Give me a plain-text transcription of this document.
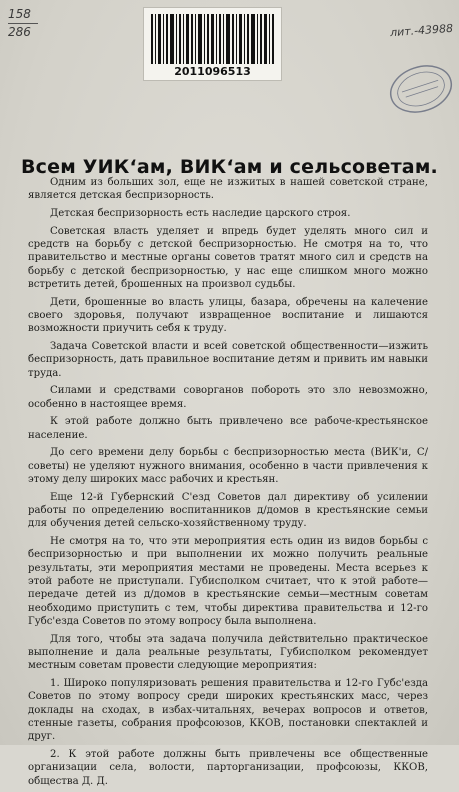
158
286	лит.-43988
2011096513
Всем УИК‘ам, ВИК‘ам и сельсоветам.

Одним из больших зол, еще не изжитых в нашей советской стране, является детская беспризорность.

Детская беспризорность есть наследие царского строя.

Советская власть уделяет и впредь будет уделять много сил и средств на борьбу с детской беспризорностью. Не смотря на то, что правительство и местные органы советов тратят много сил и средств на борьбу с детской беспризорностью, у нас еще слишком много можно встретить детей, брошенных на произвол судьбы.

Дети, брошенные во власть улицы, базара, обречены на калечение своего здоровья, получают извращенное воспитание и лишаются возможности приучить себя к труду.

Задача Советской власти и всей советской общественности—изжить беспризорность, дать правильное воспитание детям и привить им навыки труда.

Силами и средствами соворганов побороть это зло невозможно, особенно в настоящее время.

К этой работе должно быть привлечено все рабоче-крестьянское население.

До сего времени делу борьбы с беспризорностью места (ВИК'и, С/советы) не уделяют нужного внимания, особенно в части привлечения к этому делу широких масс рабочих и крестьян.

Еще 12-й Губернский С'езд Советов дал директиву об усилении работы по определению воспитанников д/домов в крестьянские семьи для обучения детей сельско-хозяйственному труду.

Не смотря на то, что эти мероприятия есть один из видов борьбы с беспризорностью и при выполнении их можно получить реальные результаты, эти мероприятия местами не проведены. Места всерьез к этой работе не приступали. Губисполком считает, что к этой работе—передаче детей из д/домов в крестьянские семьи—местным советам необходимо приступить с тем, чтобы директива правительства и 12-го Губс'езда Советов по этому вопросу была выполнена.

Для того, чтобы эта задача получила действительно практическое выполнение и дала реальные результаты, Губисполком рекомендует местным советам провести следующие мероприятия:

1. Широко популяризовать решения правительства и 12-го Губс'езда Советов по этому вопросу среди широких крестьянских масс, через доклады на сходах, в избах-читальнях, вечерах вопросов и ответов, стенные газеты, собрания профсоюзов, ККОВ, постановки спектаклей и друг.

2. К этой работе должны быть привлечены все общественные организации села, волости, парторганизации, профсоюзы, ККОВ, общества Д. Д.
